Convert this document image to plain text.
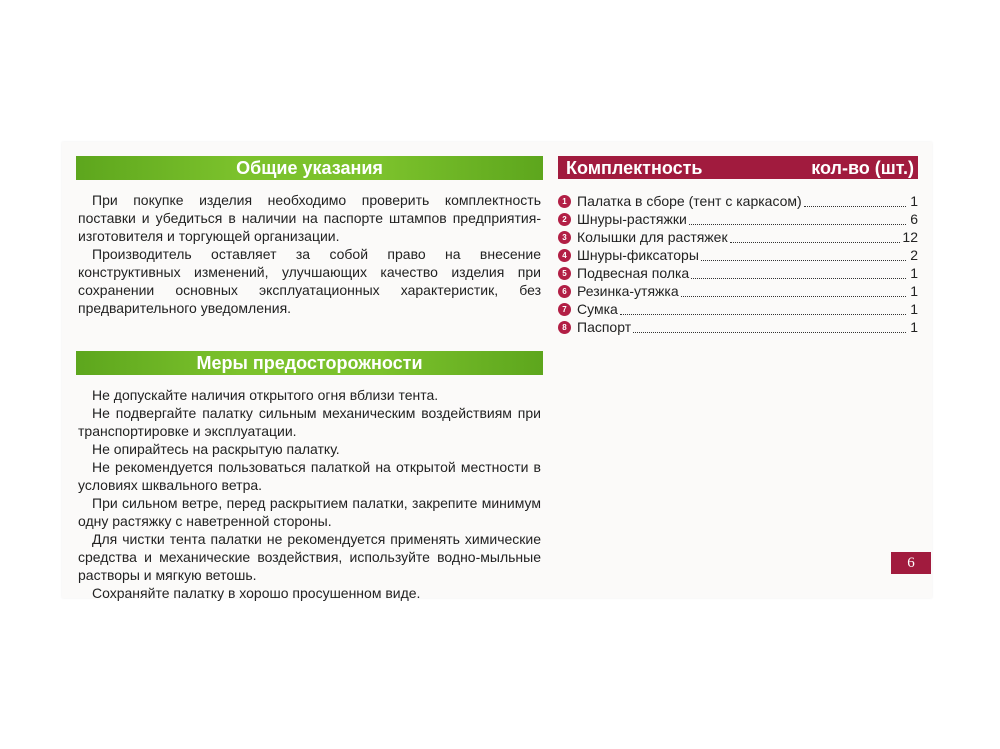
Общие указания

При покупке изделия необходимо проверить комплектность поставки и убедиться в наличии на паспорте штампов предприятия-изготовителя и торгующей организации.

Производитель оставляет за собой право на внесение конструктивных изменений, улучшающих качество изделия при сохранении основных эксплуатационных характеристик, без предварительного уведомления.

Меры предосторожности

Не допускайте наличия открытого огня вблизи тента.

Не подвергайте палатку сильным механическим воздействиям при транспортировке и эксплуатации.

Не опирайтесь на раскрытую палатку.

Не рекомендуется пользоваться палаткой на открытой местности в условиях шквального ветра.

При сильном ветре, перед раскрытием палатки, закрепите минимум одну растяжку с наветренной стороны.

Для чистки тента палатки не рекомендуется применять химические средства и механические воздействия, используйте водно-мыльные растворы и мягкую ветошь.

Сохраняйте палатку в хорошо просушенном виде.

Комплектность	кол-во (шт.)
1 Палатка в сборе (тент с каркасом)	1
2 Шнуры-растяжки	6
3 Колышки для растяжек	12
4 Шнуры-фиксаторы	2
5 Подвесная полка	1
6 Резинка-утяжка	1
7 Сумка	1
8 Паспорт	1
6
